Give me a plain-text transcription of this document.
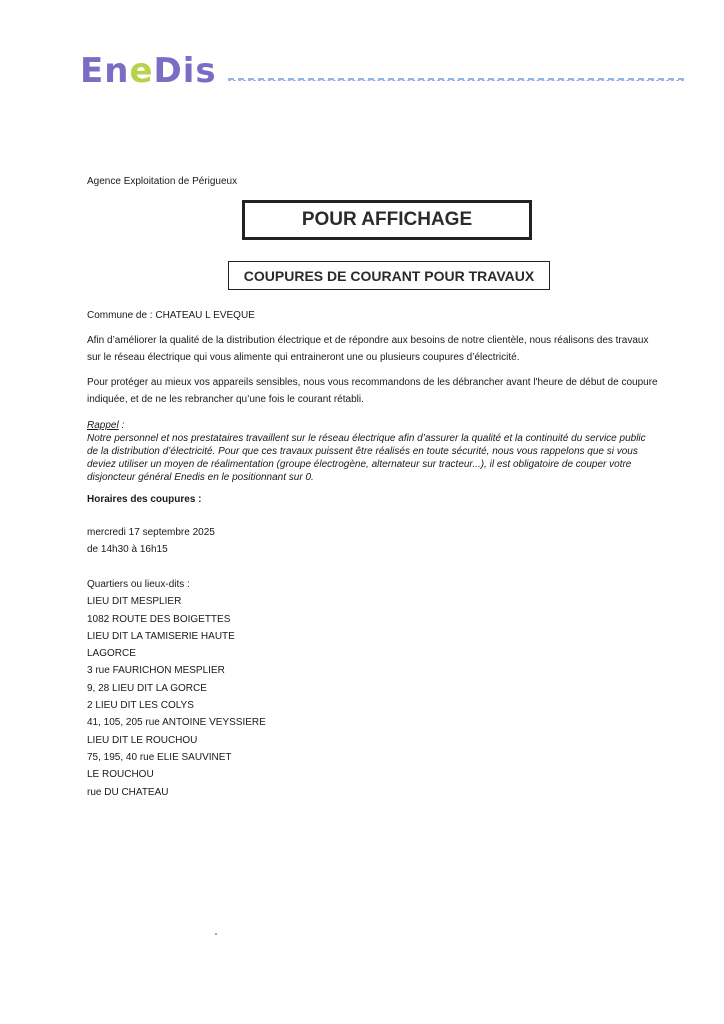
EneDis
Agence Exploitation de Périgueux
POUR AFFICHAGE
COUPURES DE COURANT POUR TRAVAUX
Commune de : CHATEAU L EVEQUE
Afin d’améliorer la qualité de la distribution électrique et de répondre aux besoins de notre clientèle, nous réalisons des travaux
sur le réseau électrique qui vous alimente qui entraineront une ou plusieurs coupures d’électricité.
Pour protéger au mieux vos appareils sensibles, nous vous recommandons de les débrancher avant l'heure de début de coupure
indiquée, et de ne les rebrancher qu’une fois le courant rétabli.
Rappel :
Notre personnel et nos prestataires travaillent sur le réseau électrique afin d’assurer la qualité et la continuité du service public
de la distribution d’électricité. Pour que ces travaux puissent être réalisés en toute sécurité, nous vous rappelons que si vous
deviez utiliser un moyen de réalimentation (groupe électrogène, alternateur sur tracteur...), il est obligatoire de couper votre
disjoncteur général Enedis en le positionnant sur 0.
Horaires des coupures :
mercredi 17 septembre 2025
de 14h30 à 16h15
Quartiers ou lieux-dits :
LIEU DIT MESPLIER
1082 ROUTE DES BOIGETTES
LIEU DIT LA TAMISERIE HAUTE
LAGORCE
3 rue FAURICHON MESPLIER
9, 28 LIEU DIT LA GORCE
2 LIEU DIT LES COLYS
41, 105, 205 rue ANTOINE VEYSSIERE
LIEU DIT LE ROUCHOU
75, 195, 40 rue ELIE SAUVINET
LE ROUCHOU
rue DU CHATEAU
